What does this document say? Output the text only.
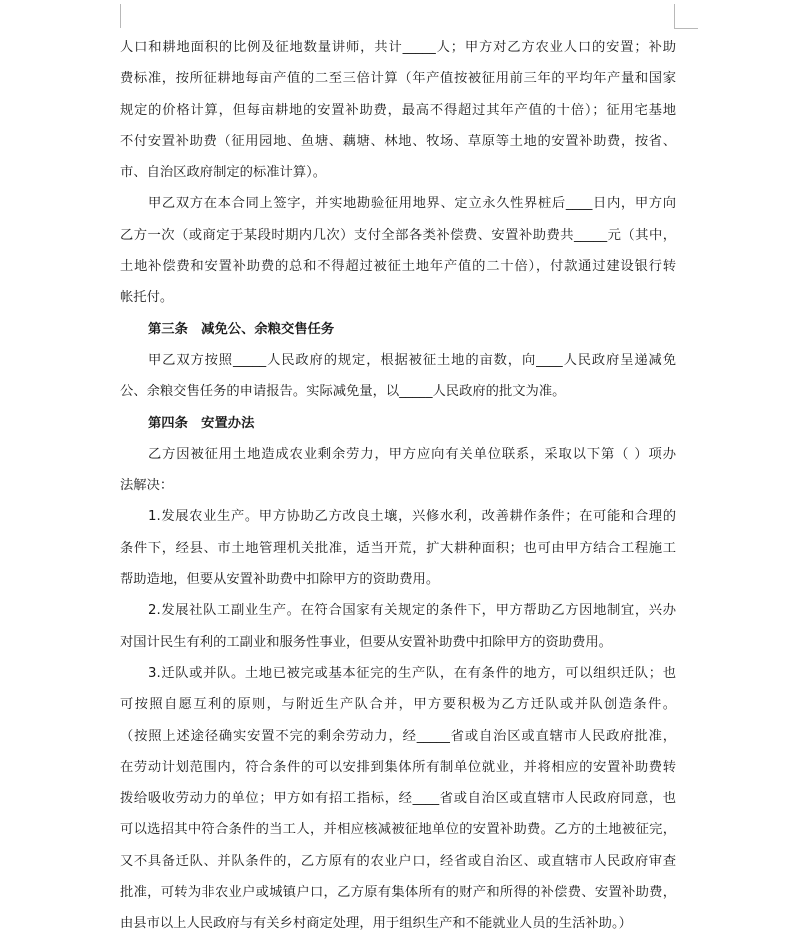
人口和耕地面积的比例及征地数量讲师，共计_____人；甲方对乙方农业人口的安置；补助
费标准，按所征耕地每亩产值的二至三倍计算（年产值按被征用前三年的平均年产量和国家
规定的价格计算，但每亩耕地的安置补助费，最高不得超过其年产值的十倍）；征用宅基地
不付安置补助费（征用园地、鱼塘、藕塘、林地、牧场、草原等土地的安置补助费，按省、
市、自治区政府制定的标准计算）。
甲乙双方在本合同上签字，并实地勘验征用地界、定立永久性界桩后____日内，甲方向
乙方一次（或商定于某段时期内几次）支付全部各类补偿费、安置补助费共_____元（其中，
土地补偿费和安置补助费的总和不得超过被征土地年产值的二十倍），付款通过建设银行转
帐托付。
第三条　减免公、余粮交售任务
甲乙双方按照_____人民政府的规定，根据被征土地的亩数，向____人民政府呈递减免
公、余粮交售任务的申请报告。实际减免量，以_____人民政府的批文为准。
第四条　安置办法
乙方因被征用土地造成农业剩余劳力，甲方应向有关单位联系，采取以下第（ ）项办
法解决：
1.发展农业生产。甲方协助乙方改良土壤，兴修水利，改善耕作条件；在可能和合理的
条件下，经县、市土地管理机关批准，适当开荒，扩大耕种面积；也可由甲方结合工程施工
帮助造地，但要从安置补助费中扣除甲方的资助费用。
2.发展社队工副业生产。在符合国家有关规定的条件下，甲方帮助乙方因地制宜，兴办
对国计民生有利的工副业和服务性事业，但要从安置补助费中扣除甲方的资助费用。
3.迁队或并队。土地已被完或基本征完的生产队，在有条件的地方，可以组织迁队；也
可按照自愿互利的原则，与附近生产队合并，甲方要积极为乙方迁队或并队创造条件。
（按照上述途径确实安置不完的剩余劳动力，经_____省或自治区或直辖市人民政府批准，
在劳动计划范围内，符合条件的可以安排到集体所有制单位就业，并将相应的安置补助费转
拨给吸收劳动力的单位；甲方如有招工指标，经____省或自治区或直辖市人民政府同意，也
可以选招其中符合条件的当工人，并相应核减被征地单位的安置补助费。乙方的土地被征完，
又不具备迁队、并队条件的，乙方原有的农业户口，经省或自治区、或直辖市人民政府审查
批准，可转为非农业户或城镇户口，乙方原有集体所有的财产和所得的补偿费、安置补助费，
由县市以上人民政府与有关乡村商定处理，用于组织生产和不能就业人员的生活补助。）
